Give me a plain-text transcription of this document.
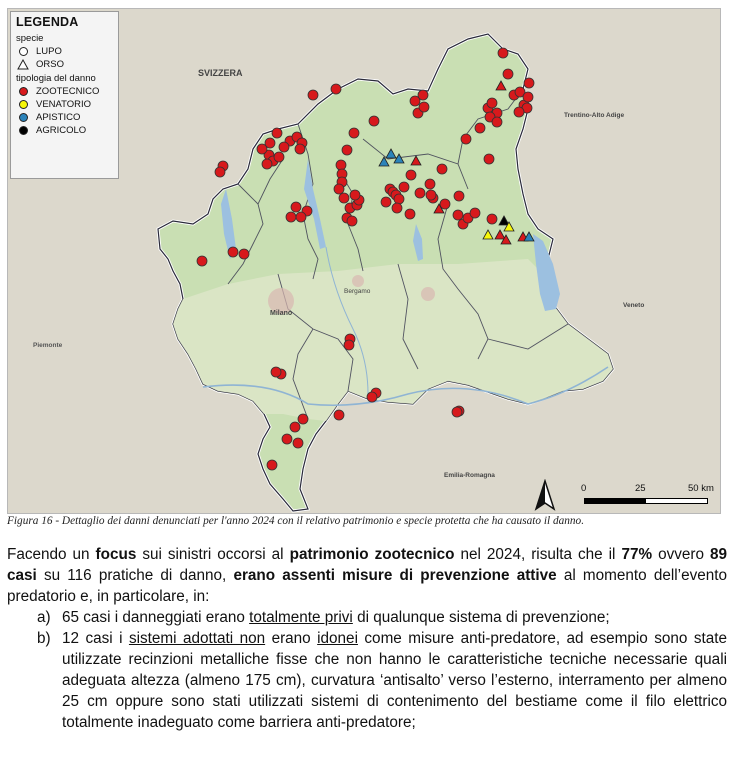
SVIZZERA
Trentino-Alto Adige
Veneto
Piemonte
Emilia-Romagna
Milano
Bergamo
LEGENDA
specie
LUPO
ORSO
tipologia del danno
ZOOTECNICO
VENATORIO
APISTICO
AGRICOLO
0	25	50 km
Figura 16 - Dettaglio dei danni denunciati per l'anno 2024 con il relativo patrimonio e specie protetta che ha causato il danno.
Facendo un focus sui sinistri occorsi al patrimonio zootecnico nel 2024, risulta che il 77% ovvero 89 casi su 116 pratiche di danno, erano assenti misure di prevenzione attive al momento dell’evento predatorio e, in particolare, in:
a) 65 casi i danneggiati erano totalmente privi di qualunque sistema di prevenzione;
b) 12 casi i sistemi adottati non erano idonei come misure anti-predatore, ad esempio sono state utilizzate recinzioni metalliche fisse che non hanno le caratteristiche tecniche necessarie quali adeguata altezza (almeno 175 cm), curvatura ‘antisalto’ verso l’esterno, interramento per almeno 25 cm oppure sono stati utilizzati sistemi di contenimento del bestiame come il filo elettrico totalmente inadeguato come barriera anti-predatore;
